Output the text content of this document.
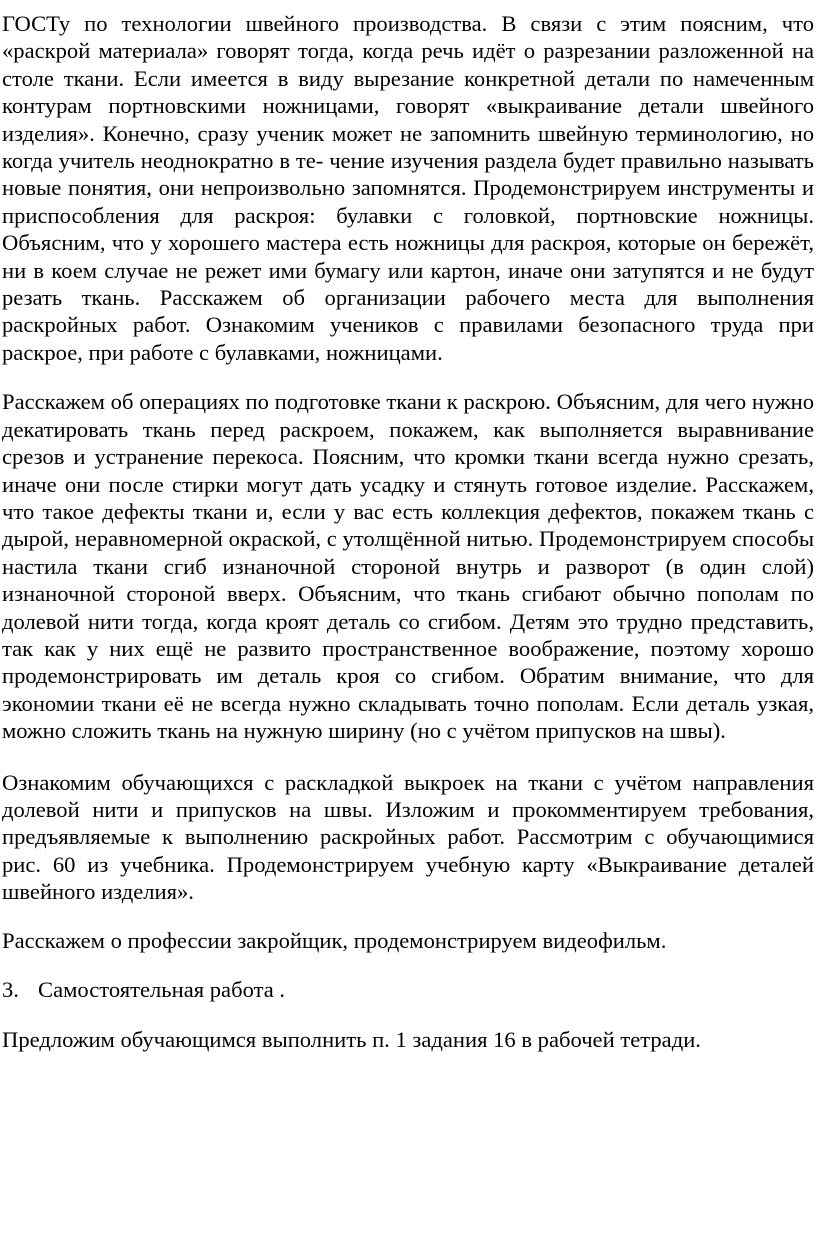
ГОСТу по технологии швейного производства. В связи с этим поясним, что «раскрой материала» говорят тогда, когда речь идёт о разрезании разложенной на столе ткани. Если имеется в виду вырезание конкретной детали по намеченным контурам портновскими ножницами, говорят «выкраивание детали швейного изделия». Конечно, сразу ученик может не запомнить швейную терминологию, но когда учитель неоднократно в те- чение изучения раздела будет правильно называть новые понятия, они непроизвольно запомнятся. Продемонстрируем инструменты и приспособления для раскроя: булавки с головкой, портновские ножницы. Объясним, что у хорошего мастера есть ножницы для раскроя, которые он бережёт, ни в коем случае не режет ими бумагу или картон, иначе они затупятся и не будут резать ткань. Расскажем об организации рабочего места для выполнения раскройных работ. Ознакомим учеников с правилами безопасного труда при раскрое, при работе с булавками, ножницами.

Расскажем об операциях по подготовке ткани к раскрою. Объясним, для чего нужно декатировать ткань перед раскроем, покажем, как выполняется выравнивание срезов и устранение перекоса. Поясним, что кромки ткани всегда нужно срезать, иначе они после стирки могут дать усадку и стянуть готовое изделие. Расскажем, что такое дефекты ткани и, если у вас есть коллекция дефектов, покажем ткань с дырой, неравномерной окраской, с утолщённой нитью. Продемонстрируем способы настила ткани сгиб изнаночной стороной внутрь и разворот (в один слой) изнаночной стороной вверх. Объясним, что ткань сгибают обычно пополам по долевой нити тогда, когда кроят деталь со сгибом. Детям это трудно представить, так как у них ещё не развито пространственное воображение, поэтому хорошо продемонстрировать им деталь кроя со сгибом. Обратим внимание, что для экономии ткани её не всегда нужно складывать точно пополам. Если деталь узкая, можно сложить ткань на нужную ширину (но с учётом припусков на швы).

Ознакомим обучающихся с раскладкой выкроек на ткани с учётом направления долевой нити и припусков на швы. Изложим и прокомментируем требования, предъявляемые к выполнению раскройных работ. Рассмотрим с обучающимися рис. 60 из учебника. Продемонстрируем учебную карту «Выкраивание деталей швейного изделия».

Расскажем о профессии закройщик, продемонстрируем видеофильм.

3. Самостоятельная работа .

Предложим обучающимся выполнить п. 1 задания 16 в рабочей тетради.
